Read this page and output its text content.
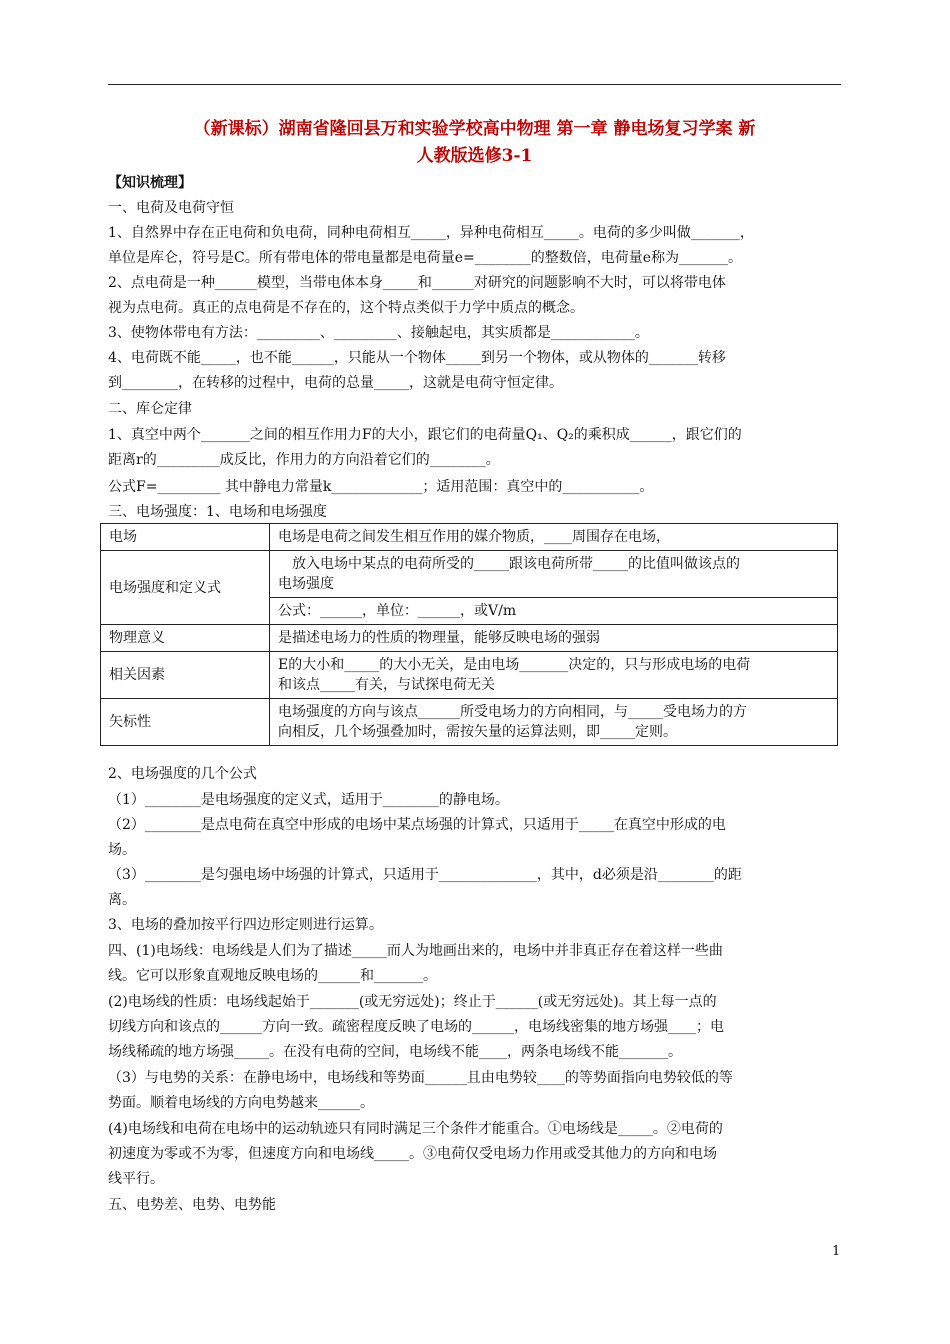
（新课标）湖南省隆回县万和实验学校高中物理 第一章 静电场复习学案 新
人教版选修3-1
【知识梳理】
一、电荷及电荷守恒
1、自然界中存在正电荷和负电荷，同种电荷相互_____，异种电荷相互_____。电荷的多少叫做_______，
单位是库仑，符号是C。所有带电体的带电量都是电荷量e=________的整数倍，电荷量e称为_______。
2、点电荷是一种______模型，当带电体本身_____和______对研究的问题影响不大时，可以将带电体
视为点电荷。真正的点电荷是不存在的，这个特点类似于力学中质点的概念。
3、使物体带电有方法：_________、_________、接触起电，其实质都是____________。
4、电荷既不能_____，也不能______，只能从一个物体_____到另一个物体，或从物体的_______转移
到________，在转移的过程中，电荷的总量_____，这就是电荷守恒定律。
二、库仑定律
1、真空中两个_______之间的相互作用力F的大小，跟它们的电荷量Q₁、Q₂的乘积成______，跟它们的
距离r的_________成反比，作用力的方向沿着它们的________。
公式F=_________ 其中静电力常量k_____________；适用范围：真空中的___________。
三、电场强度：1、电场和电场强度
电场	电场是电荷之间发生相互作用的媒介物质，____周围存在电场，
电场强度和定义式	放入电场中某点的电荷所受的_____跟该电荷所带_____的比值叫做该点的
电场强度

	公式：______，单位：______，或V/m
物理意义	是描述电场力的性质的物理量，能够反映电场的强弱
相关因素	E的大小和_____的大小无关，是由电场_______决定的，只与形成电场的电荷
和该点_____有关，与试探电荷无关

矢标性	电场强度的方向与该点______所受电场力的方向相同，与_____受电场力的方
向相反，几个场强叠加时，需按矢量的运算法则，即_____定则。
2、电场强度的几个公式
（1）________是电场强度的定义式，适用于________的静电场。
（2）________是点电荷在真空中形成的电场中某点场强的计算式，只适用于_____在真空中形成的电
场。
（3）________是匀强电场中场强的计算式，只适用于______________，其中，d必须是沿________的距
离。
3、电场的叠加按平行四边形定则进行运算。
四、(1)电场线：电场线是人们为了描述_____而人为地画出来的，电场中并非真正存在着这样一些曲
线。它可以形象直观地反映电场的______和_______。
(2)电场线的性质：电场线起始于_______(或无穷远处)；终止于______(或无穷远处)。其上每一点的
切线方向和该点的______方向一致。疏密程度反映了电场的______，电场线密集的地方场强____；电
场线稀疏的地方场强_____。在没有电荷的空间，电场线不能____，两条电场线不能_______。
（3）与电势的关系：在静电场中，电场线和等势面______且由电势较____的等势面指向电势较低的等
势面。顺着电场线的方向电势越来______。
(4)电场线和电荷在电场中的运动轨迹只有同时满足三个条件才能重合。①电场线是_____。②电荷的
初速度为零或不为零，但速度方向和电场线_____。③电荷仅受电场力作用或受其他力的方向和电场
线平行。
五、电势差、电势、电势能
1
